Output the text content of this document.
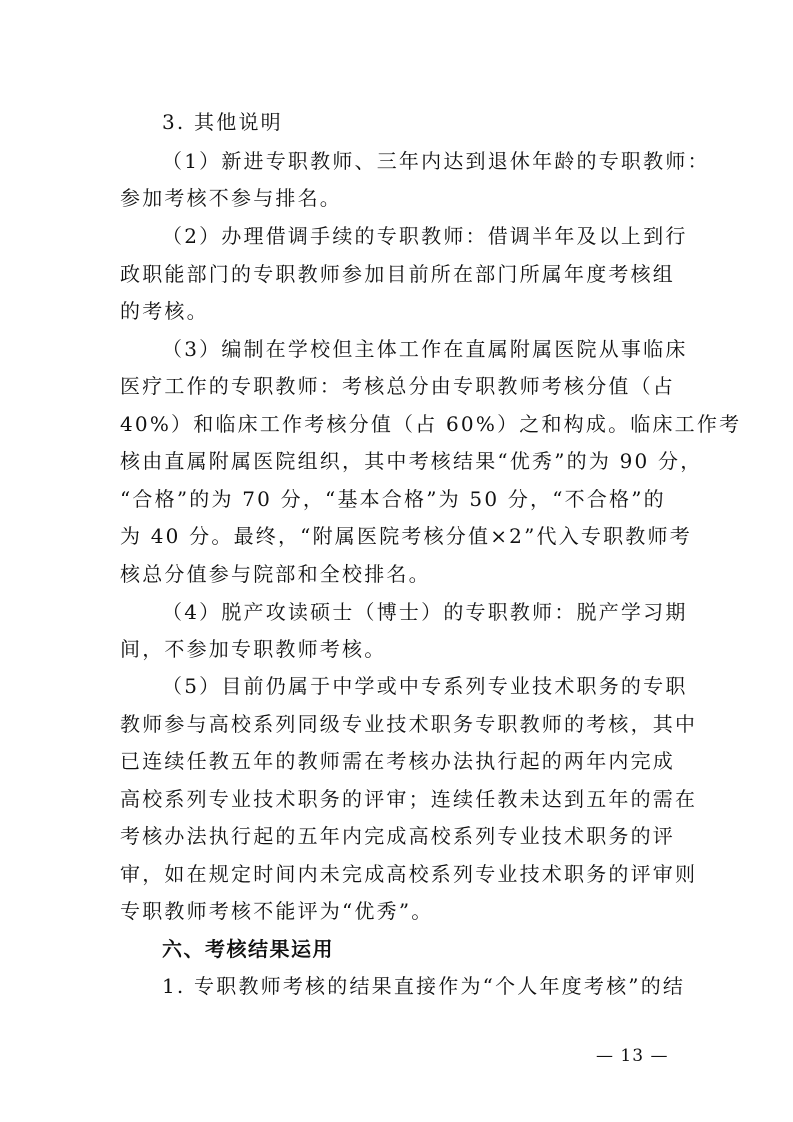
3. 其他说明
（1）新进专职教师、三年内达到退休年龄的专职教师：
参加考核不参与排名。
（2）办理借调手续的专职教师：借调半年及以上到行
政职能部门的专职教师参加目前所在部门所属年度考核组
的考核。
（3）编制在学校但主体工作在直属附属医院从事临床
医疗工作的专职教师：考核总分由专职教师考核分值（占
40%）和临床工作考核分值（占 60%）之和构成。临床工作考
核由直属附属医院组织，其中考核结果“优秀”的为 90 分，
“合格”的为 70 分，“基本合格”为 50 分，“不合格”的
为 40 分。最终，“附属医院考核分值×2”代入专职教师考
核总分值参与院部和全校排名。
（4）脱产攻读硕士（博士）的专职教师：脱产学习期
间，不参加专职教师考核。
（5）目前仍属于中学或中专系列专业技术职务的专职
教师参与高校系列同级专业技术职务专职教师的考核，其中
已连续任教五年的教师需在考核办法执行起的两年内完成
高校系列专业技术职务的评审；连续任教未达到五年的需在
考核办法执行起的五年内完成高校系列专业技术职务的评
审，如在规定时间内未完成高校系列专业技术职务的评审则
专职教师考核不能评为“优秀”。
六、考核结果运用
1. 专职教师考核的结果直接作为“个人年度考核”的结
— 13 —
